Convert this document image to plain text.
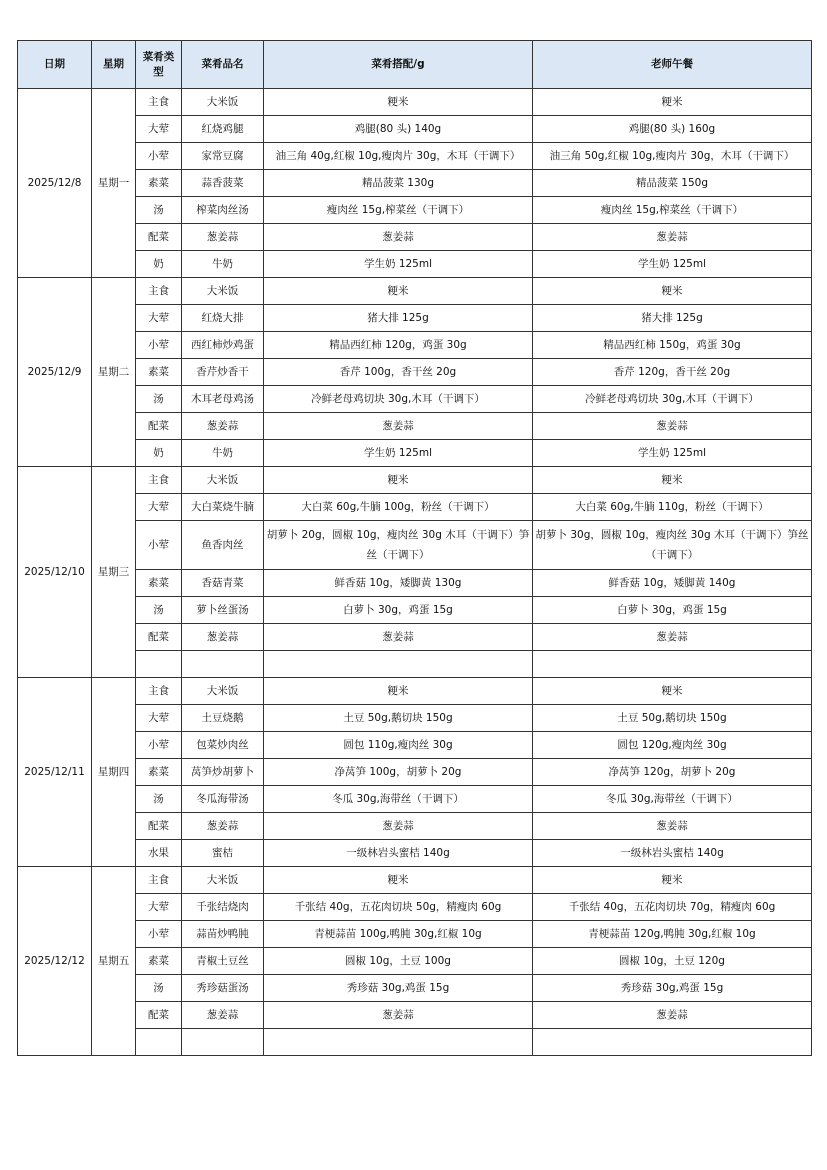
日期	星期	菜肴类型	菜肴品名	菜肴搭配/g	老师午餐
2025/12/8	星期一	主食	大米饭	粳米	粳米
		大荤	红烧鸡腿	鸡腿(80 头) 140g	鸡腿(80 头) 160g
		小荤	家常豆腐	油三角 40g,红椒 10g,瘦肉片 30g，木耳（干调下）	油三角 50g,红椒 10g,瘦肉片 30g，木耳（干调下）
		素菜	蒜香菠菜	精品菠菜 130g	精品菠菜 150g
		汤	榨菜肉丝汤	瘦肉丝 15g,榨菜丝（干调下）	瘦肉丝 15g,榨菜丝（干调下）
		配菜	葱姜蒜	葱姜蒜	葱姜蒜
		奶	牛奶	学生奶 125ml	学生奶 125ml
2025/12/9	星期二	主食	大米饭	粳米	粳米
		大荤	红烧大排	猪大排 125g	猪大排 125g
		小荤	西红柿炒鸡蛋	精品西红柿 120g，鸡蛋 30g	精品西红柿 150g，鸡蛋 30g
		素菜	香芹炒香干	香芹 100g，香干丝 20g	香芹 120g，香干丝 20g
		汤	木耳老母鸡汤	冷鲜老母鸡切块 30g,木耳（干调下）	冷鲜老母鸡切块 30g,木耳（干调下）
		配菜	葱姜蒜	葱姜蒜	葱姜蒜
		奶	牛奶	学生奶 125ml	学生奶 125ml
2025/12/10	星期三	主食	大米饭	粳米	粳米
		大荤	大白菜烧牛腩	大白菜 60g,牛腩 100g，粉丝（干调下）	大白菜 60g,牛腩 110g，粉丝（干调下）
		小荤	鱼香肉丝	胡萝卜 20g，圆椒 10g，瘦肉丝 30g 木耳（干调下）笋丝（干调下）	胡萝卜 30g，圆椒 10g，瘦肉丝 30g 木耳（干调下）笋丝（干调下）
		素菜	香菇青菜	鲜香菇 10g，矮脚黄 130g	鲜香菇 10g，矮脚黄 140g
		汤	萝卜丝蛋汤	白萝卜 30g，鸡蛋 15g	白萝卜 30g，鸡蛋 15g
		配菜	葱姜蒜	葱姜蒜	葱姜蒜

2025/12/11	星期四	主食	大米饭	粳米	粳米
		大荤	土豆烧鹅	土豆 50g,鹅切块 150g	土豆 50g,鹅切块 150g
		小荤	包菜炒肉丝	圆包 110g,瘦肉丝 30g	圆包 120g,瘦肉丝 30g
		素菜	莴笋炒胡萝卜	净莴笋 100g，胡萝卜 20g	净莴笋 120g，胡萝卜 20g
		汤	冬瓜海带汤	冬瓜 30g,海带丝（干调下）	冬瓜 30g,海带丝（干调下）
		配菜	葱姜蒜	葱姜蒜	葱姜蒜
		水果	蜜桔	一级林岩头蜜桔 140g	一级林岩头蜜桔 140g
2025/12/12	星期五	主食	大米饭	粳米	粳米
		大荤	千张结烧肉	千张结 40g，五花肉切块 50g，精瘦肉 60g	千张结 40g，五花肉切块 70g，精瘦肉 60g
		小荤	蒜苗炒鸭肫	青梗蒜苗 100g,鸭肫 30g,红椒 10g	青梗蒜苗 120g,鸭肫 30g,红椒 10g
		素菜	青椒土豆丝	圆椒 10g，土豆 100g	圆椒 10g，土豆 120g
		汤	秀珍菇蛋汤	秀珍菇 30g,鸡蛋 15g	秀珍菇 30g,鸡蛋 15g
		配菜	葱姜蒜	葱姜蒜	葱姜蒜
